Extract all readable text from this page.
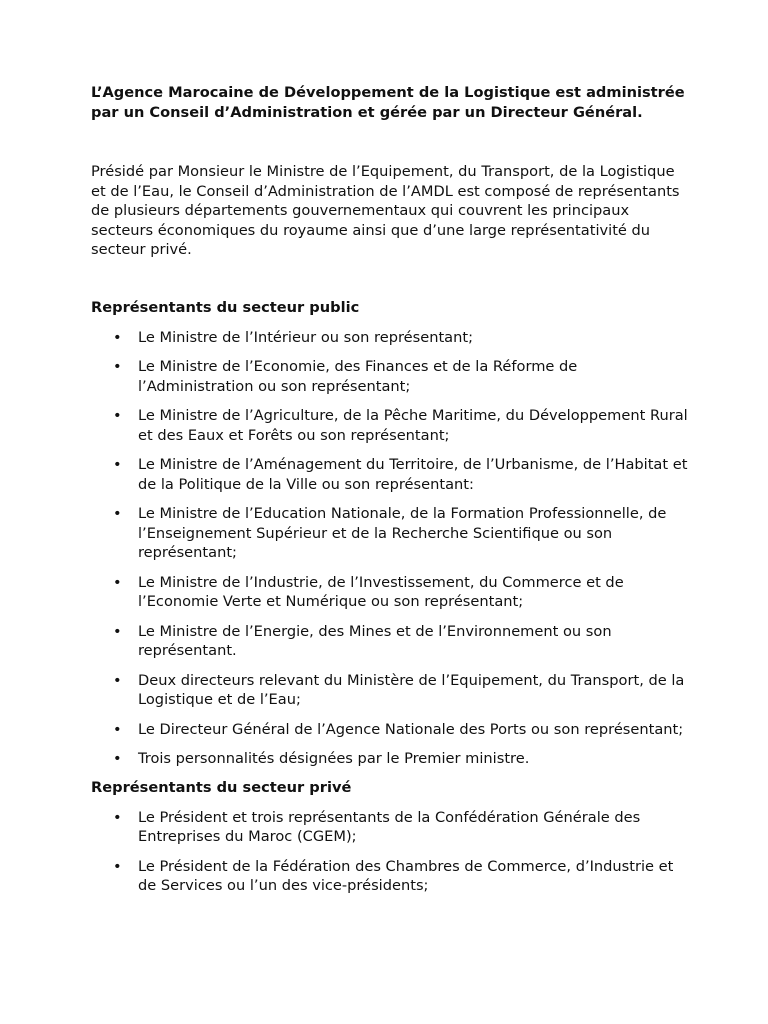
L’Agence Marocaine de Développement de la Logistique est administrée par un Conseil d’Administration et gérée par un Directeur Général.

Présidé par Monsieur le Ministre de l’Equipement, du Transport, de la Logistique et de l’Eau, le Conseil d’Administration de l’AMDL est composé de représentants de plusieurs départements gouvernementaux qui couvrent les principaux secteurs économiques du royaume ainsi que d’une large représentativité du secteur privé.

Représentants du secteur public

• Le Ministre de l’Intérieur ou son représentant;
• Le Ministre de l’Economie, des Finances et de la Réforme de l’Administration ou son représentant;
• Le Ministre de l’Agriculture, de la Pêche Maritime, du Développement Rural et des Eaux et Forêts ou son représentant;
• Le Ministre de l’Aménagement du Territoire, de l’Urbanisme, de l’Habitat et de la Politique de la Ville ou son représentant:
• Le Ministre de l’Education Nationale, de la Formation Professionnelle, de l’Enseignement Supérieur et de la Recherche Scientifique ou son représentant;
• Le Ministre de l’Industrie, de l’Investissement, du Commerce et de l’Economie Verte et Numérique ou son représentant;
• Le Ministre de l’Energie, des Mines et de l’Environnement ou son représentant.
• Deux directeurs relevant du Ministère de l’Equipement, du Transport, de la Logistique et de l’Eau;
• Le Directeur Général de l’Agence Nationale des Ports ou son représentant;
• Trois personnalités désignées par le Premier ministre.

Représentants du secteur privé

• Le Président et trois représentants de la Confédération Générale des Entreprises du Maroc (CGEM);
• Le Président de la Fédération des Chambres de Commerce, d’Industrie et de Services ou l’un des vice-présidents;
